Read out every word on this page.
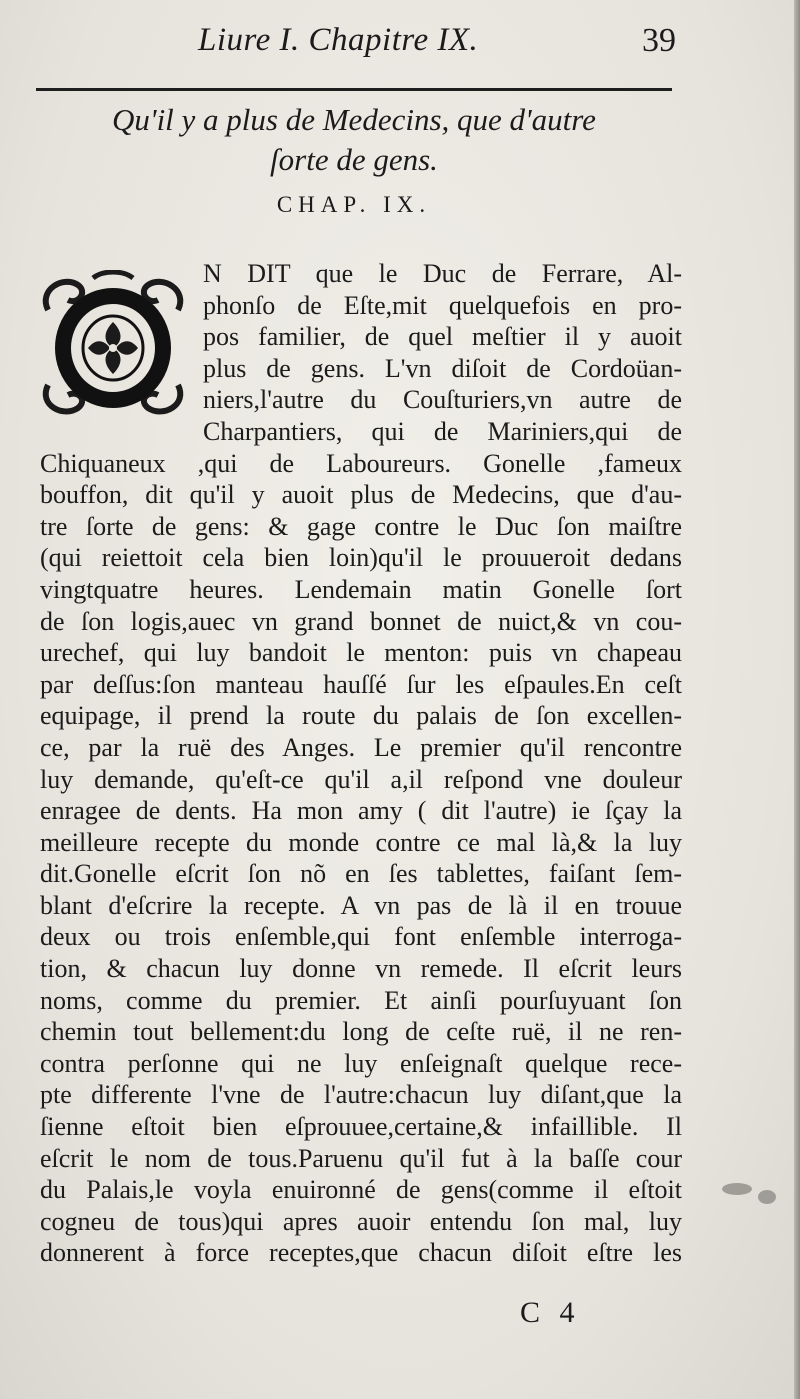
Liure I. Chapitre IX.	39
Qu'il y a plus de Medecins, que d'autre
ſorte de gens.
CHAP. IX.
N DIT que le Duc de Ferrare, Al-
phonſo de Eſte,mit quelquefois en pro-
pos familier, de quel meſtier il y auoit
plus de gens. L'vn diſoit de Cordoüan-
niers,l'autre du Couſturiers,vn autre de
Charpantiers, qui de Mariniers,qui de
Chiquaneux ,qui de Laboureurs. Gonelle ,fameux
bouffon, dit qu'il y auoit plus de Medecins, que d'au-
tre ſorte de gens: & gage contre le Duc ſon maiſtre
(qui reiettoit cela bien loin)qu'il le prouueroit dedans
vingtquatre heures. Lendemain matin Gonelle ſort
de ſon logis,auec vn grand bonnet de nuict,& vn cou-
urechef, qui luy bandoit le menton: puis vn chapeau
par deſſus:ſon manteau hauſſé ſur les eſpaules.En ceſt
equipage, il prend la route du palais de ſon excellen-
ce, par la ruë des Anges. Le premier qu'il rencontre
luy demande, qu'eſt-ce qu'il a,il reſpond vne douleur
enragee de dents. Ha mon amy ( dit l'autre) ie ſçay la
meilleure recepte du monde contre ce mal là,& la luy
dit.Gonelle eſcrit ſon nõ en ſes tablettes, faiſant ſem-
blant d'eſcrire la recepte. A vn pas de là il en trouue
deux ou trois enſemble,qui font enſemble interroga-
tion, & chacun luy donne vn remede. Il eſcrit leurs
noms, comme du premier. Et ainſi pourſuyuant ſon
chemin tout bellement:du long de ceſte ruë, il ne ren-
contra perſonne qui ne luy enſeignaſt quelque rece-
pte differente l'vne de l'autre:chacun luy diſant,que la
ſienne eſtoit bien eſprouuee,certaine,& infaillible. Il
eſcrit le nom de tous.Paruenu qu'il fut à la baſſe cour
du Palais,le voyla enuironné de gens(comme il eſtoit
cogneu de tous)qui apres auoir entendu ſon mal, luy
donnerent à force receptes,que chacun diſoit eſtre les
C 4
